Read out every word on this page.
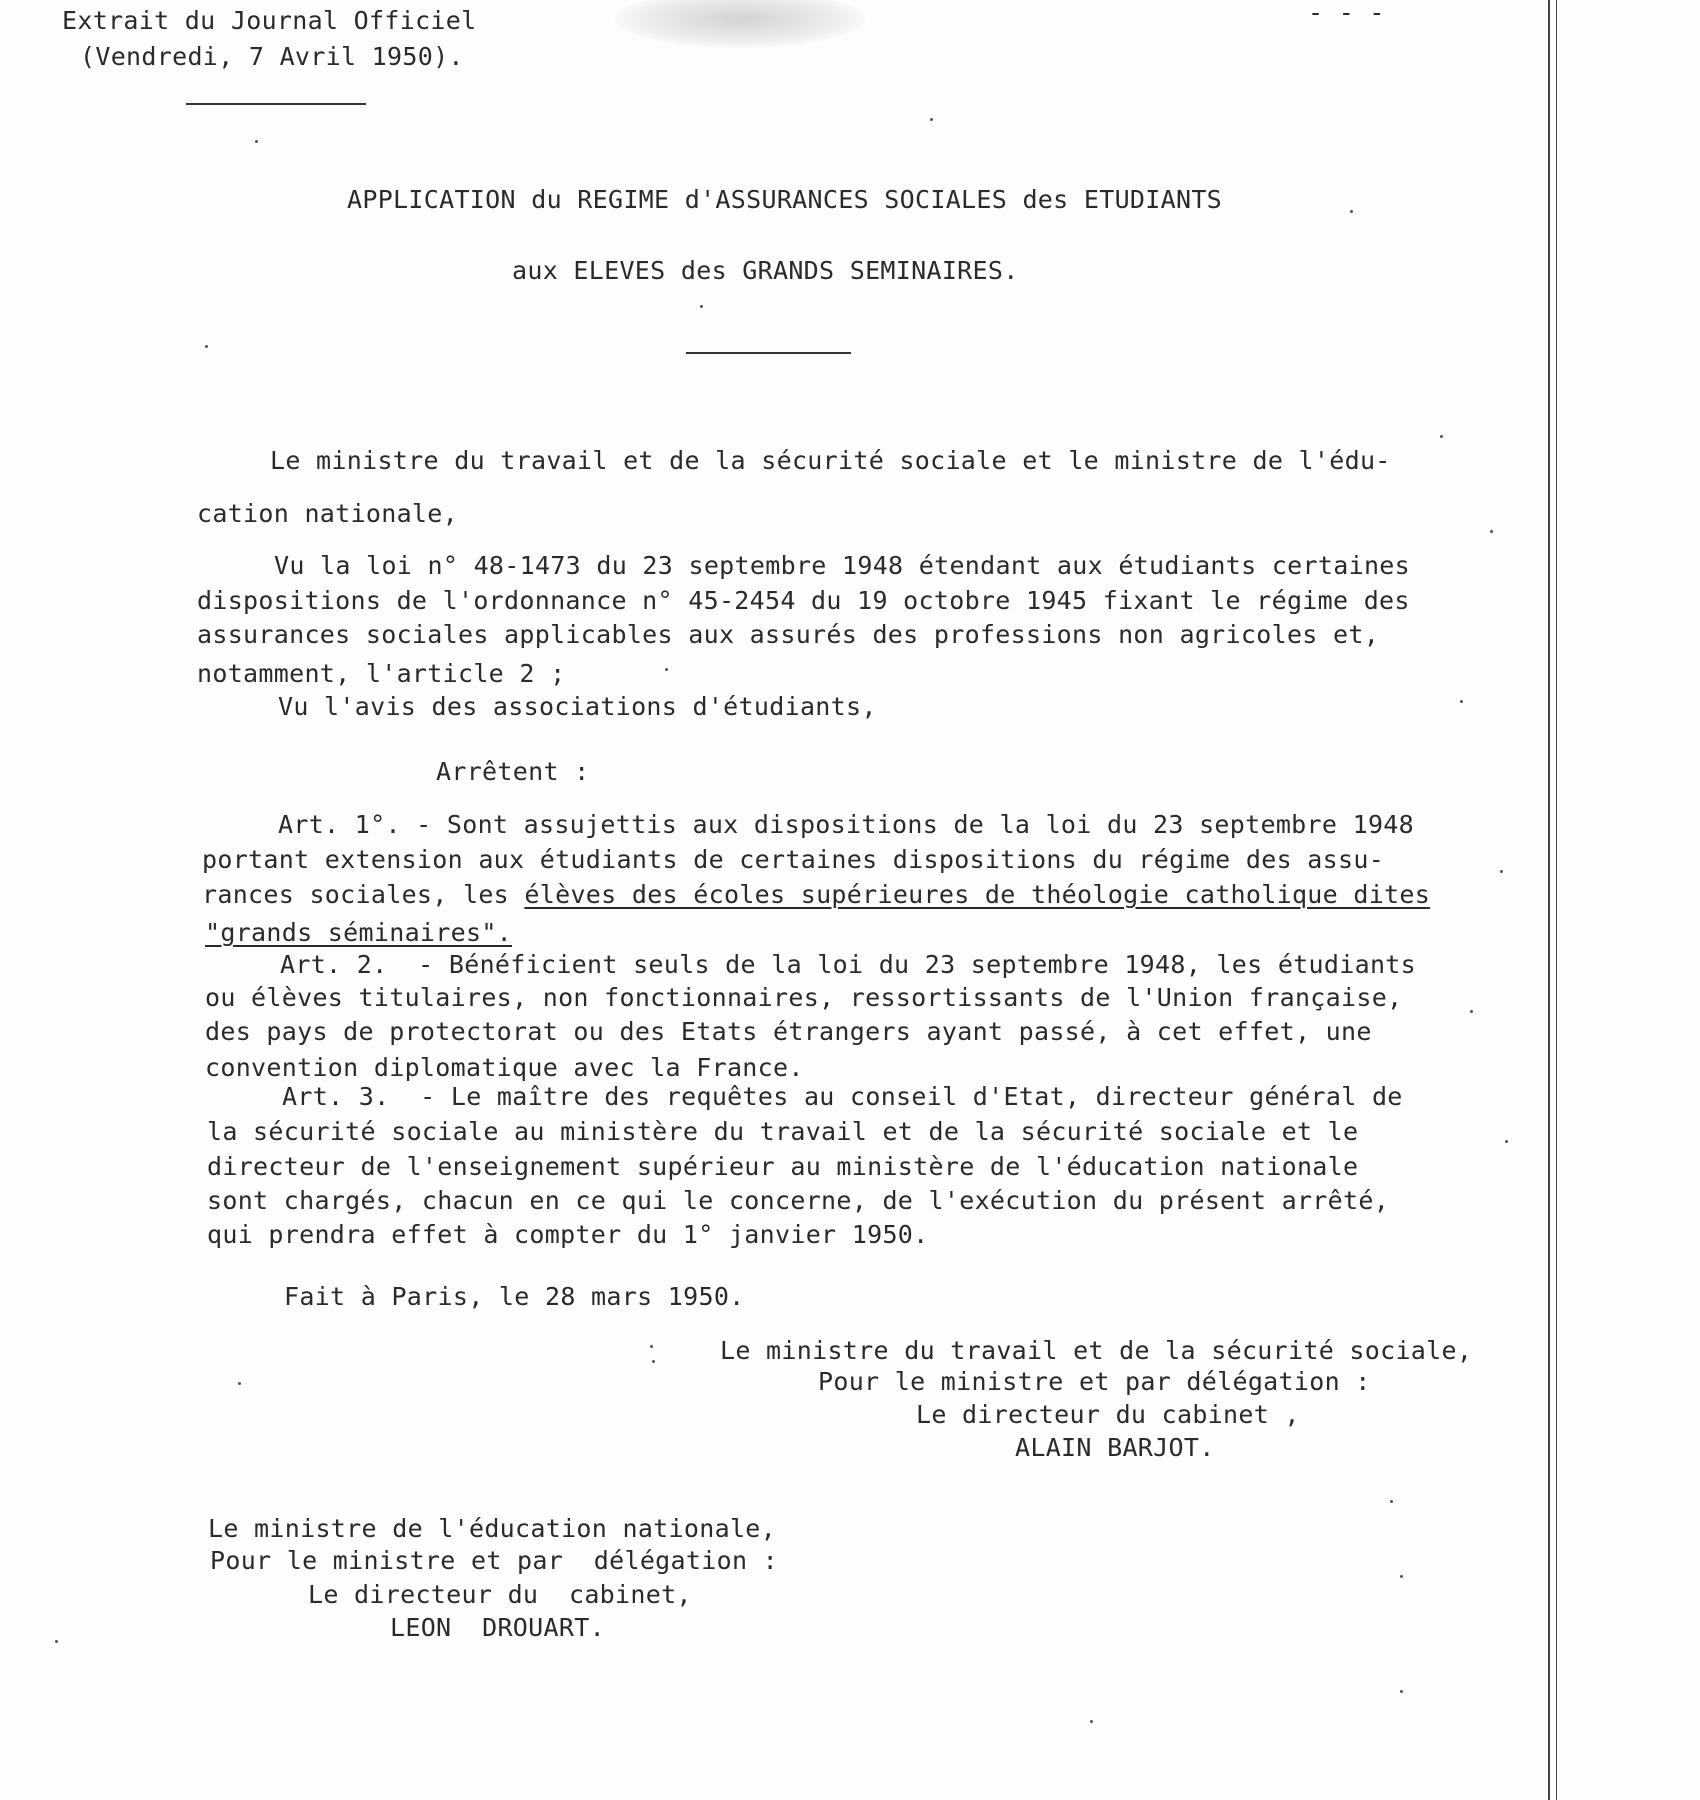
- - -
Extrait du Journal Officiel
(Vendredi, 7 Avril 1950).
APPLICATION du REGIME d'ASSURANCES SOCIALES des ETUDIANTS
aux ELEVES des GRANDS SEMINAIRES.
Le ministre du travail et de la sécurité sociale et le ministre de l'édu-
cation nationale,
Vu la loi n° 48-1473 du 23 septembre 1948 étendant aux étudiants certaines
dispositions de l'ordonnance n° 45-2454 du 19 octobre 1945 fixant le régime des
assurances sociales applicables aux assurés des professions non agricoles et,
notamment, l'article 2 ;
Vu l'avis des associations d'étudiants,
Arrêtent :
Art. 1°. - Sont assujettis aux dispositions de la loi du 23 septembre 1948
portant extension aux étudiants de certaines dispositions du régime des assu-
rances sociales, les élèves des écoles supérieures de théologie catholique dites
"grands séminaires".
Art. 2.  - Bénéficient seuls de la loi du 23 septembre 1948, les étudiants
ou élèves titulaires, non fonctionnaires, ressortissants de l'Union française,
des pays de protectorat ou des Etats étrangers ayant passé, à cet effet, une
convention diplomatique avec la France.
Art. 3.  - Le maître des requêtes au conseil d'Etat, directeur général de
la sécurité sociale au ministère du travail et de la sécurité sociale et le
directeur de l'enseignement supérieur au ministère de l'éducation nationale
sont chargés, chacun en ce qui le concerne, de l'exécution du présent arrêté,
qui prendra effet à compter du 1° janvier 1950.
Fait à Paris, le 28 mars 1950.
Le ministre du travail et de la sécurité sociale,
Pour le ministre et par délégation :
Le directeur du cabinet ,
ALAIN BARJOT.
Le ministre de l'éducation nationale,
Pour le ministre et par  délégation :
Le directeur du  cabinet,
LEON  DROUART.
